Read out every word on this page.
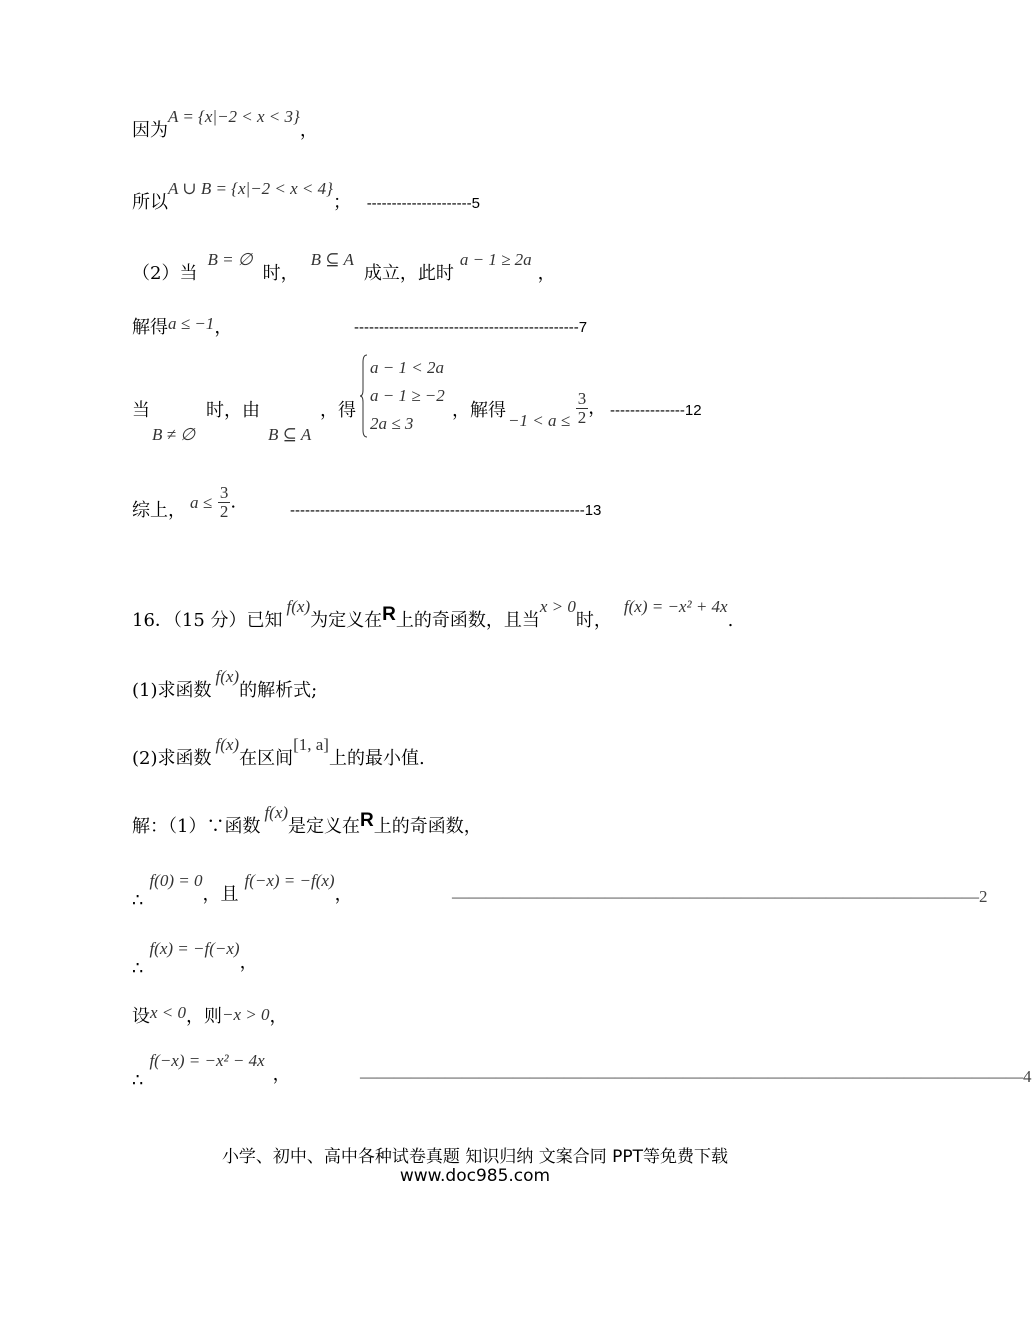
因为A = {x|−2 < x < 3}，
所以A ∪ B = {x|−2 < x < 4}； ---------------------5
（2）当B = ∅时，B ⊆ A成立，此时a − 1 ≥ 2a，
解得a ≤ −1，	---------------------------------------------7
当
B ≠ ∅
时，由
B ⊆ A
，得
a − 1 < 2a
a − 1 ≥ −2
2a ≤ 3
，解得 $-1 < a \le \frac{3}{2}$ ， ---------------12
综上， $a \le \frac{3}{2}$ .	-----------------------------------------------------------13
16．（15 分）已知f(x)为定义在R上的奇函数，且当x > 0时，f(x) = −x² + 4x.
(1)求函数f(x)的解析式;
(2)求函数f(x)在区间[1, a]上的最小值.
解：（1）∵函数f(x)是定义在R上的奇函数，
∴f(0) = 0，且f(−x) = −f(x)，	———————————————————————————————2
∴f(x) = −f(−x)，
设x < 0，则−x > 0，
∴f(−x) = −x² − 4x，	———————————————————————————————————————4
小学、初中、高中各种试卷真题 知识归纳 文案合同 PPT等免费下载
www.doc985.com
